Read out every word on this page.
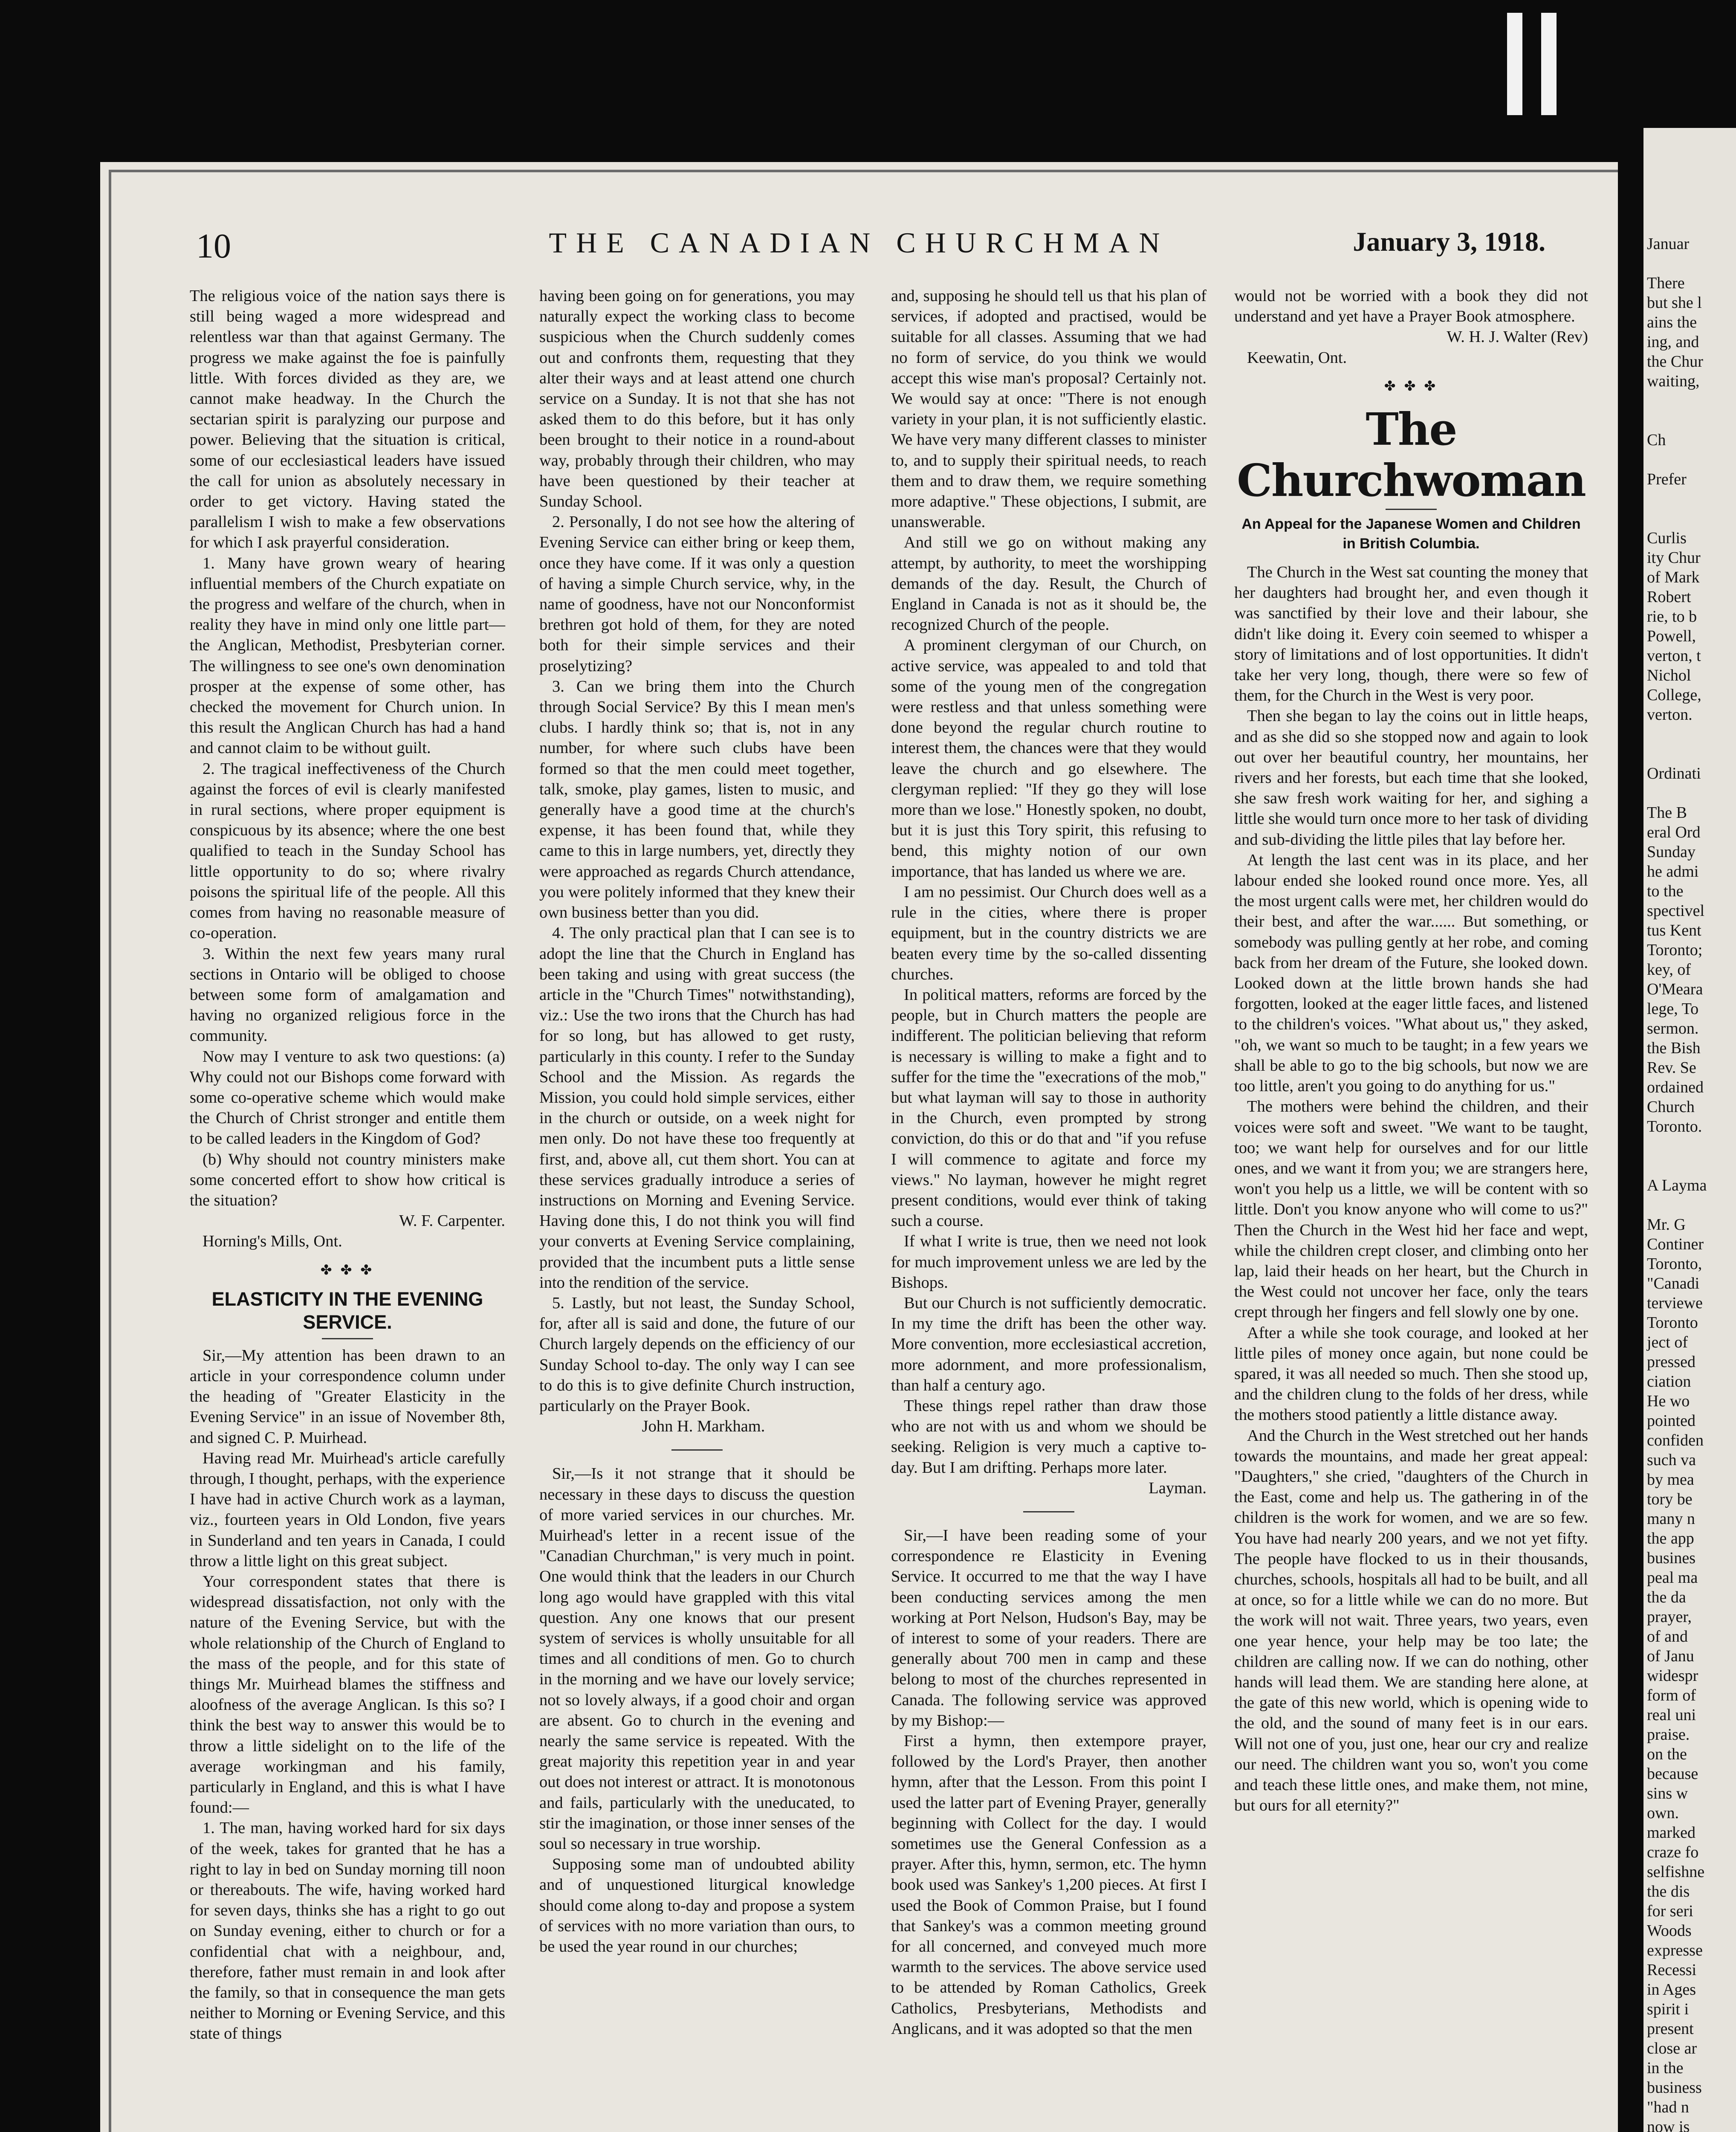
10	THE CANADIAN CHURCHMAN	January 3, 1918.

The religious voice of the nation says there is still being waged a more widespread and relentless war than that against Germany. The progress we make against the foe is painfully little. With forces divided as they are, we cannot make headway. In the Church the sectarian spirit is paralyzing our purpose and power. Believing that the situation is critical, some of our ecclesiastical leaders have issued the call for union as absolutely necessary in order to get victory. Having stated the parallelism I wish to make a few observations for which I ask prayerful consideration.

1. Many have grown weary of hearing influential members of the Church expatiate on the progress and welfare of the church, when in reality they have in mind only one little part—the Anglican, Methodist, Presbyterian corner. The willingness to see one's own denomination prosper at the expense of some other, has checked the movement for Church union. In this result the Anglican Church has had a hand and cannot claim to be without guilt.

2. The tragical ineffectiveness of the Church against the forces of evil is clearly manifested in rural sections, where proper equipment is conspicuous by its absence; where the one best qualified to teach in the Sunday School has little opportunity to do so; where rivalry poisons the spiritual life of the people. All this comes from having no reasonable measure of co-operation.

3. Within the next few years many rural sections in Ontario will be obliged to choose between some form of amalgamation and having no organized religious force in the community.

Now may I venture to ask two questions: (a) Why could not our Bishops come forward with some co-operative scheme which would make the Church of Christ stronger and entitle them to be called leaders in the Kingdom of God?

(b) Why should not country ministers make some concerted effort to show how critical is the situation?

W. F. Carpenter.

Horning's Mills, Ont.

✤ ✤ ✤
ELASTICITY IN THE EVENING SERVICE.

Sir,—My attention has been drawn to an article in your correspondence column under the heading of "Greater Elasticity in the Evening Service" in an issue of November 8th, and signed C. P. Muirhead.

Having read Mr. Muirhead's article carefully through, I thought, perhaps, with the experience I have had in active Church work as a layman, viz., fourteen years in Old London, five years in Sunderland and ten years in Canada, I could throw a little light on this great subject.

Your correspondent states that there is widespread dissatisfaction, not only with the nature of the Evening Service, but with the whole relationship of the Church of England to the mass of the people, and for this state of things Mr. Muirhead blames the stiffness and aloofness of the average Anglican. Is this so? I think the best way to answer this would be to throw a little sidelight on to the life of the average workingman and his family, particularly in England, and this is what I have found:—

1. The man, having worked hard for six days of the week, takes for granted that he has a right to lay in bed on Sunday morning till noon or thereabouts. The wife, having worked hard for seven days, thinks she has a right to go out on Sunday evening, either to church or for a confidential chat with a neighbour, and, therefore, father must remain in and look after the family, so that in consequence the man gets neither to Morning or Evening Service, and this state of things

having been going on for generations, you may naturally expect the working class to become suspicious when the Church suddenly comes out and confronts them, requesting that they alter their ways and at least attend one church service on a Sunday. It is not that she has not asked them to do this before, but it has only been brought to their notice in a round-about way, probably through their children, who may have been questioned by their teacher at Sunday School.

2. Personally, I do not see how the altering of Evening Service can either bring or keep them, once they have come. If it was only a question of having a simple Church service, why, in the name of goodness, have not our Nonconformist brethren got hold of them, for they are noted both for their simple services and their proselytizing?

3. Can we bring them into the Church through Social Service? By this I mean men's clubs. I hardly think so; that is, not in any number, for where such clubs have been formed so that the men could meet together, talk, smoke, play games, listen to music, and generally have a good time at the church's expense, it has been found that, while they came to this in large numbers, yet, directly they were approached as regards Church attendance, you were politely informed that they knew their own business better than you did.

4. The only practical plan that I can see is to adopt the line that the Church in England has been taking and using with great success (the article in the "Church Times" notwithstanding), viz.: Use the two irons that the Church has had for so long, but has allowed to get rusty, particularly in this county. I refer to the Sunday School and the Mission. As regards the Mission, you could hold simple services, either in the church or outside, on a week night for men only. Do not have these too frequently at first, and, above all, cut them short. You can at these services gradually introduce a series of instructions on Morning and Evening Service. Having done this, I do not think you will find your converts at Evening Service complaining, provided that the incumbent puts a little sense into the rendition of the service.

5. Lastly, but not least, the Sunday School, for, after all is said and done, the future of our Church largely depends on the efficiency of our Sunday School to-day. The only way I can see to do this is to give definite Church instruction, particularly on the Prayer Book.

John H. Markham.

Sir,—Is it not strange that it should be necessary in these days to discuss the question of more varied services in our churches. Mr. Muirhead's letter in a recent issue of the "Canadian Churchman," is very much in point. One would think that the leaders in our Church long ago would have grappled with this vital question. Any one knows that our present system of services is wholly unsuitable for all times and all conditions of men. Go to church in the morning and we have our lovely service; not so lovely always, if a good choir and organ are absent. Go to church in the evening and nearly the same service is repeated. With the great majority this repetition year in and year out does not interest or attract. It is monotonous and fails, particularly with the uneducated, to stir the imagination, or those inner senses of the soul so necessary in true worship.

Supposing some man of undoubted ability and of unquestioned liturgical knowledge should come along to-day and propose a system of services with no more variation than ours, to be used the year round in our churches;

and, supposing he should tell us that his plan of services, if adopted and practised, would be suitable for all classes. Assuming that we had no form of service, do you think we would accept this wise man's proposal? Certainly not. We would say at once: "There is not enough variety in your plan, it is not sufficiently elastic. We have very many different classes to minister to, and to supply their spiritual needs, to reach them and to draw them, we require something more adaptive." These objections, I submit, are unanswerable.

And still we go on without making any attempt, by authority, to meet the worshipping demands of the day. Result, the Church of England in Canada is not as it should be, the recognized Church of the people.

A prominent clergyman of our Church, on active service, was appealed to and told that some of the young men of the congregation were restless and that unless something were done beyond the regular church routine to interest them, the chances were that they would leave the church and go elsewhere. The clergyman replied: "If they go they will lose more than we lose." Honestly spoken, no doubt, but it is just this Tory spirit, this refusing to bend, this mighty notion of our own importance, that has landed us where we are.

I am no pessimist. Our Church does well as a rule in the cities, where there is proper equipment, but in the country districts we are beaten every time by the so-called dissenting churches.

In political matters, reforms are forced by the people, but in Church matters the people are indifferent. The politician believing that reform is necessary is willing to make a fight and to suffer for the time the "execrations of the mob," but what layman will say to those in authority in the Church, even prompted by strong conviction, do this or do that and "if you refuse I will commence to agitate and force my views." No layman, however he might regret present conditions, would ever think of taking such a course.

If what I write is true, then we need not look for much improvement unless we are led by the Bishops.

But our Church is not sufficiently democratic. In my time the drift has been the other way. More convention, more ecclesiastical accretion, more adornment, and more professionalism, than half a century ago.

These things repel rather than draw those who are not with us and whom we should be seeking. Religion is very much a captive to-day. But I am drifting. Perhaps more later.

Layman.

Sir,—I have been reading some of your correspondence re Elasticity in Evening Service. It occurred to me that the way I have been conducting services among the men working at Port Nelson, Hudson's Bay, may be of interest to some of your readers. There are generally about 700 men in camp and these belong to most of the churches represented in Canada. The following service was approved by my Bishop:—

First a hymn, then extempore prayer, followed by the Lord's Prayer, then another hymn, after that the Lesson. From this point I used the latter part of Evening Prayer, generally beginning with Collect for the day. I would sometimes use the General Confession as a prayer. After this, hymn, sermon, etc. The hymn book used was Sankey's 1,200 pieces. At first I used the Book of Common Praise, but I found that Sankey's was a common meeting ground for all concerned, and conveyed much more warmth to the services. The above service used to be attended by Roman Catholics, Greek Catholics, Presbyterians, Methodists and Anglicans, and it was adopted so that the men

would not be worried with a book they did not understand and yet have a Prayer Book atmosphere.

W. H. J. Walter (Rev)

Keewatin, Ont.

✤ ✤ ✤
The Churchwoman
An Appeal for the Japanese Women and Children in British Columbia.

The Church in the West sat counting the money that her daughters had brought her, and even though it was sanctified by their love and their labour, she didn't like doing it. Every coin seemed to whisper a story of limitations and of lost opportunities. It didn't take her very long, though, there were so few of them, for the Church in the West is very poor.

Then she began to lay the coins out in little heaps, and as she did so she stopped now and again to look out over her beautiful country, her mountains, her rivers and her forests, but each time that she looked, she saw fresh work waiting for her, and sighing a little she would turn once more to her task of dividing and sub-dividing the little piles that lay before her.

At length the last cent was in its place, and her labour ended she looked round once more. Yes, all the most urgent calls were met, her children would do their best, and after the war...... But something, or somebody was pulling gently at her robe, and coming back from her dream of the Future, she looked down. Looked down at the little brown hands she had forgotten, looked at the eager little faces, and listened to the children's voices. "What about us," they asked, "oh, we want so much to be taught; in a few years we shall be able to go to the big schools, but now we are too little, aren't you going to do anything for us."

The mothers were behind the children, and their voices were soft and sweet. "We want to be taught, too; we want help for ourselves and for our little ones, and we want it from you; we are strangers here, won't you help us a little, we will be content with so little. Don't you know anyone who will come to us?" Then the Church in the West hid her face and wept, while the children crept closer, and climbing onto her lap, laid their heads on her heart, but the Church in the West could not uncover her face, only the tears crept through her fingers and fell slowly one by one.

After a while she took courage, and looked at her little piles of money once again, but none could be spared, it was all needed so much. Then she stood up, and the children clung to the folds of her dress, while the mothers stood patiently a little distance away.

And the Church in the West stretched out her hands towards the mountains, and made her great appeal: "Daughters," she cried, "daughters of the Church in the East, come and help us. The gathering in of the children is the work for women, and we are so few. You have had nearly 200 years, and we not yet fifty. The people have flocked to us in their thousands, churches, schools, hospitals all had to be built, and all at once, so for a little while we can do no more. But the work will not wait. Three years, two years, even one year hence, your help may be too late; the children are calling now. If we can do nothing, other hands will lead them. We are standing here alone, at the gate of this new world, which is opening wide to the old, and the sound of many feet is in our ears. Will not one of you, just one, hear our cry and realize our need. The children want you so, won't you come and teach these little ones, and make them, not mine, but ours for all eternity?"

Januar
There
but she l
ains the
ing, and
the Chur
waiting,
Ch
Prefer
Curlis
ity Chur
of Mark
Robert
rie, to b
Powell,
verton, t
Nichol
College,
verton.
Ordinati
The B
eral Ord
Sunday
he admi
to the
spectivel
tus Kent
Toronto;
key, of
O'Meara
lege, To
sermon.
the Bish
Rev. Se
ordained
Church
Toronto.
A Layma
Mr. G
Continer
Toronto,
"Canadi
terviewe
Toronto
ject of
pressed
ciation
He wo
pointed
confiden
such va
by mea
tory be
many n
the app
busines
peal ma
the da
prayer,
of and
of Janu
widespr
form of
real uni
praise.
on the
because
sins w
own.
marked
craze fo
selfishne
the dis
for seri
Woods
expresse
Recessi
in Ages
spirit i
present
close ar
in the
business
"had n
now is
